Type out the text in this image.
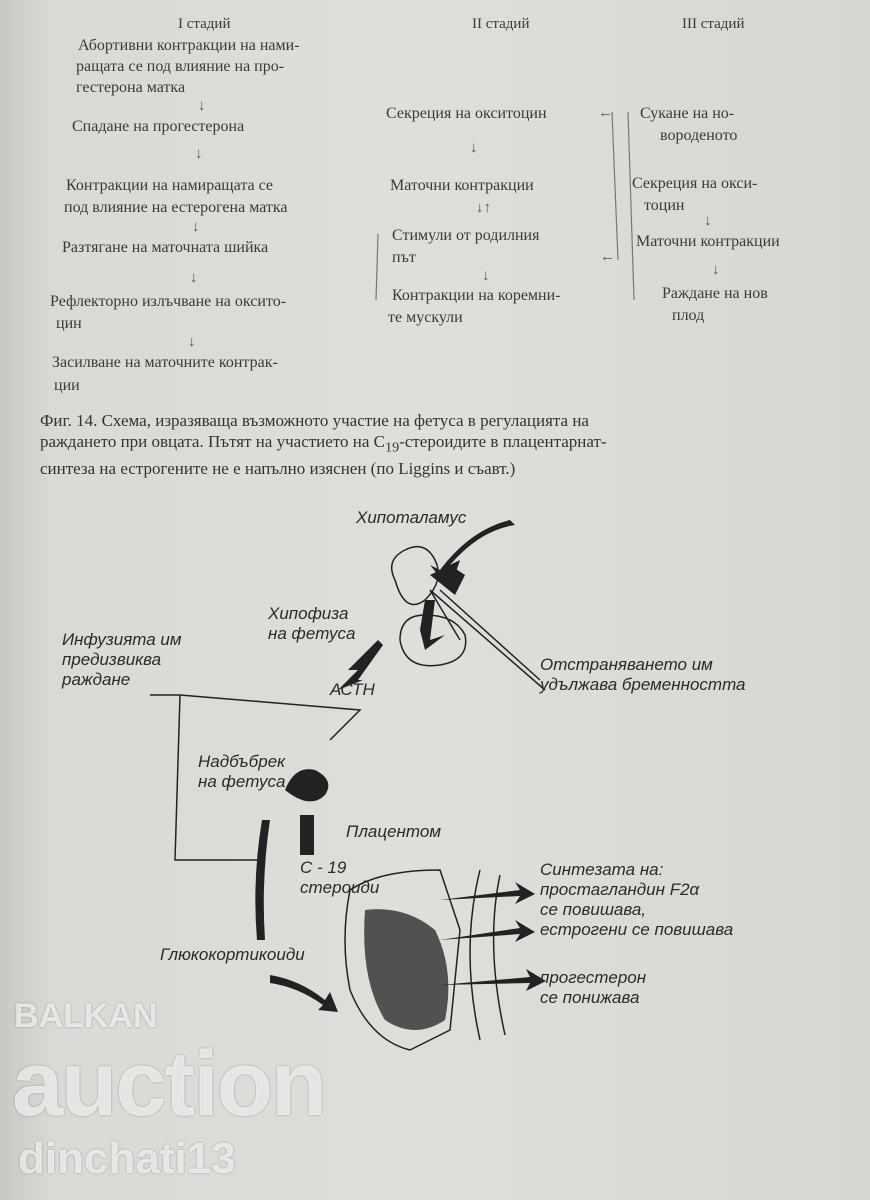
I стадий	II стадий	III стадий
Абортивни контракции на нами-
ращата се под влияние на про-
гестерона матка
↓
Спадане на прогестерона
↓
Контракции на намиращата се
под влияние на естерогена матка
↓
Разтягане на маточната шийка
↓
Рефлекторно излъчване на оксито-
цин
↓
Засилване на маточните контрак-
ции
Секреция на окситоцин	←
↓
Маточни контракции
↓↑
Стимули от родилния
път	←
↓
Контракции на коремни-
те мускули
Сукане на но-
вороденото
Секреция на окси-
тоцин
↓
Маточни контракции
↓
Раждане на нов
плод
Фиг. 14. Схема, изразяваща възможното участие на фетуса в регулацията на
раждането при овцата. Пътят на участието на $C_{19}$-стероидите в плацентарнат-
синтеза на естрогените не е напълно изяснен (по Liggins и съавт.)
Хипоталамус
Хипофиза
на фетуса
Инфузията им
предизвиква
раждане
Отстраняването им
удължава бременността
АСТН
Надбъбрек
на фетуса
Плацентом
С - 19
стероиди
Синтезата на:
простагландин F2α
се повишава,
естрогени се повишава
Глюкокортикоиди
прогестерон
се понижава
BALKAN
auction
dinchati13
